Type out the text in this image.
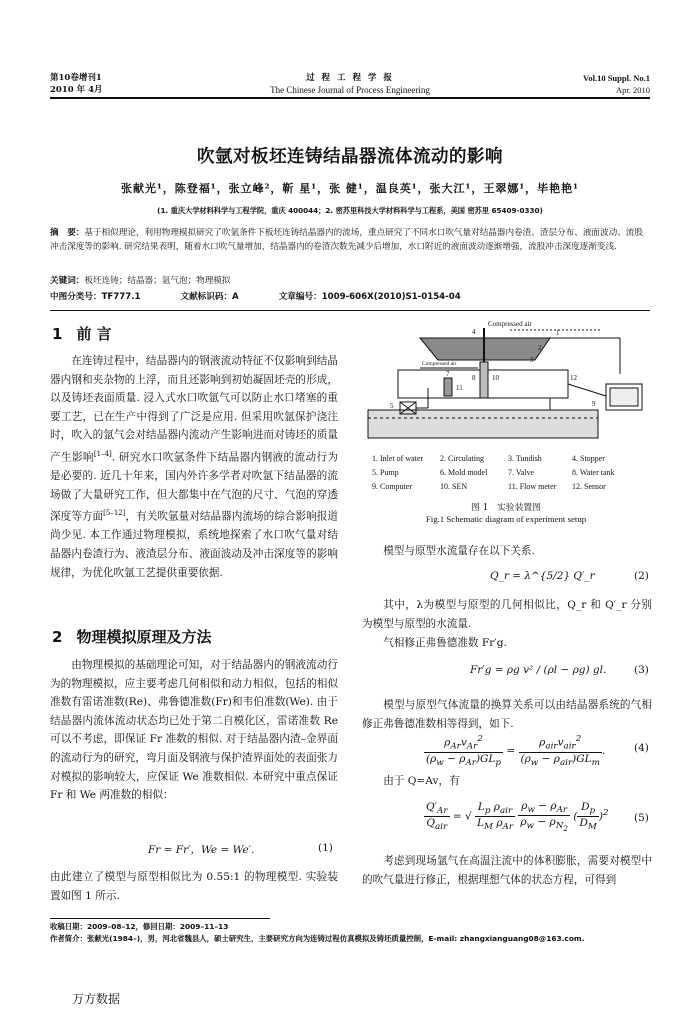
第10卷增刊1
2010 年 4月
过 程 工 程 学 报
The Chinese Journal of Process Engineering
Vol.10 Suppl. No.1
Apr. 2010
吹氩对板坯连铸结晶器流体流动的影响
张献光¹，陈登福¹，张立峰²，靳 星¹，张 健¹，温良英¹，张大江¹，王翠娜¹，毕艳艳¹
(1. 重庆大学材料科学与工程学院，重庆 400044；2. 密苏里科技大学材料科学与工程系，美国 密苏里 65409-0330)
摘　要：基于相似理论，利用物理模拟研究了吹氩条件下板坯连铸结晶器内的流场，重点研究了不同水口吹气量对结晶器内卷渣、渣层分布、液面波动、流股冲击深度等的影响. 研究结果表明，随着水口吹气量增加，结晶器内的卷渣次数先减少后增加，水口附近的液面波动逐渐增强，流股冲击深度逐渐变浅.
关键词：板坯连铸；结晶器；氩气泡；物理模拟
中图分类号：TF777.1	文献标识码：A	文章编号：1009-606X(2010)S1-0154-04
1 前 言
在连铸过程中，结晶器内的钢液流动特征不仅影响到结晶器内钢和夹杂物的上浮，而且还影响到初始凝固坯壳的形成，以及铸坯表面质量. 浸入式水口吹氩气可以防止水口堵塞的重要工艺，已在生产中得到了广泛是应用. 但采用吹氩保护浇注时，吹入的氩气会对结晶器内流动产生影响进而对铸坯的质量产生影响[1–4]. 研究水口吹氩条件下结晶器内钢液的流动行为是必要的. 近几十年来，国内外许多学者对吹氩下结晶器的流场做了大量研究工作，但大都集中在气泡的尺寸、气泡的穿透深度等方面[5–12]，有关吹氩量对结晶器内流场的综合影响报道尚少见. 本工作通过物理模拟，系统地探索了水口吹气量对结晶器内卷渣行为、液渣层分布、液面波动及冲击深度等的影响规律，为优化吹氩工艺提供重要依据.
2 物理模拟原理及方法
由物理模拟的基础理论可知，对于结晶器内的钢液流动行为的物理模拟，应主要考虑几何相似和动力相似，包括的相似准数有雷诺准数(Re)、弗鲁德准数(Fr)和韦伯准数(We). 由于结晶器内流体流动状态均已处于第二自模化区，雷诺准数 Re 可以不考虑，即保证 Fr 准数的相似. 对于结晶器内渣–金界面的流动行为的研究，弯月面及钢液与保护渣界面处的表面张力对模拟的影响较大，应保证 We 准数相似. 本研究中重点保证 Fr 和 We 两准数的相似：
Fr = Fr′，We = We′.	(1)
由此建立了模型与原型相似比为 0.55:1 的物理模型. 实验装置如图 1 所示.
Compressed air
Compressed air
4	1
2
3
7	8 10	12
11
5	9
1. Inlet of water 2. Circulating	3. Tundish	4. Stopper
5. Pump	6. Mold model	7. Valve	8. Water tank
9. Computer	10. SEN	11. Flow meter 12. Sensor
图 1　实验装置图
Fig.1 Schematic diagram of experiment setup
模型与原型水流量存在以下关系.
Q_r = λ^{5/2} Q′_r	(2)
其中，λ为模型与原型的几何相似比，Q_r 和 Q′_r 分别为模型与原型的水流量.
气相修正弗鲁德准数 Fr′g.
Fr′g = ρg v² / (ρl − ρg) gl.	(3)
模型与原型气体流量的换算关系可以由结晶器系统的气相修正弗鲁德准数相等得到，如下.
$\frac{\rho_{Ar}v_{Ar}^2}{(\rho_w - \rho_{Ar})GL_p} = \frac{\rho_{air}v_{air}^2}{(\rho_w - \rho_{air})GL_m}$ .	(4)
由于 Q=Av，有
$\frac{Q'_{Ar}}{Q_{air}}$ = √ $\frac{L_p \rho_{air}}{L_M \rho_{Ar}}$
$\frac{\rho_w - \rho_{Ar}}{\rho_w - \rho_{N_2}}$ ( $\frac{D_p}{D_M} )^2$ (5)
考虑到现场氩气在高温注流中的体积膨胀，需要对模型中的吹气量进行修正，根据理想气体的状态方程，可得到
收稿日期：2009–08–12，修回日期：2009–11–13
作者简介：张献光(1984–)，男，河北省魏县人，硕士研究生，主要研究方向为连铸过程仿真模拟及铸坯质量控制，E-mail: zhangxianguang08@163.com.
万方数据
